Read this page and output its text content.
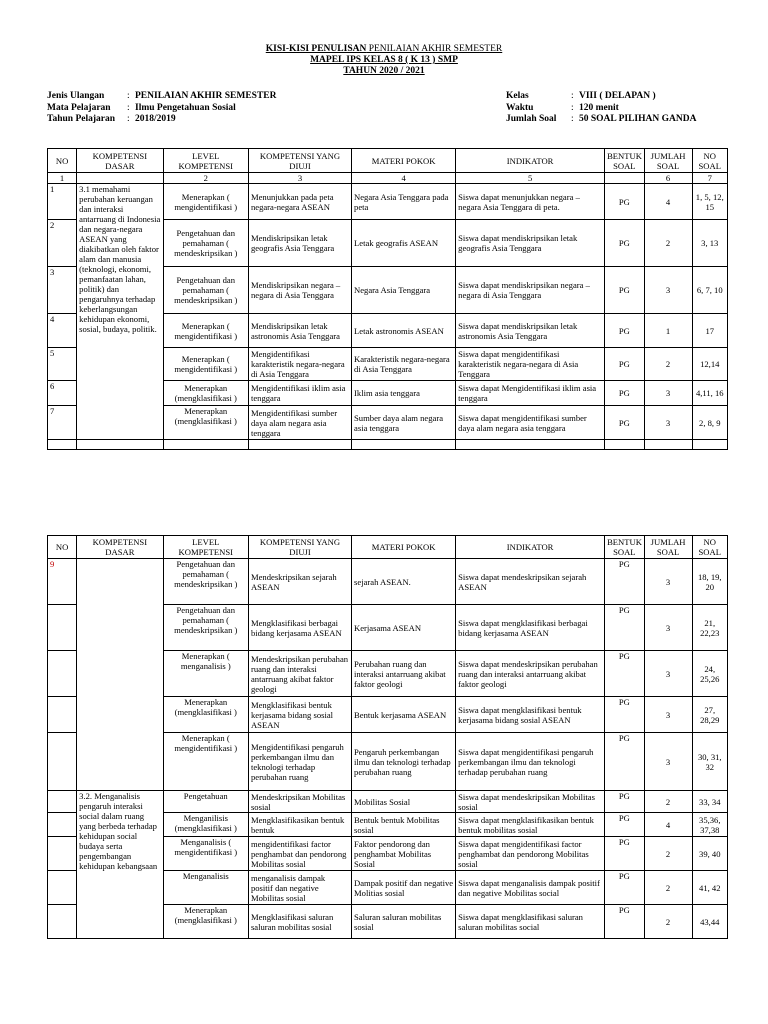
KISI-KISI PENULISAN PENILAIAN AKHIR SEMESTER
MAPEL IPS KELAS 8 ( K 13 ) SMP
TAHUN 2020 / 2021
Jenis Ulangan	: PENILAIAN AKHIR SEMESTER
Mata Pelajaran	: Ilmu Pengetahuan Sosial
Tahun Pelajaran	: 2018/2019
Kelas	: VIII ( DELAPAN )
Waktu	: 120 menit
Jumlah Soal	: 50 SOAL PILIHAN GANDA
NO	KOMPETENSI DASAR	LEVEL KOMPETENSI	KOMPETENSI YANG DIUJI	MATERI POKOK	INDIKATOR	BENTUK SOAL	JUMLAH SOAL	NO SOAL
1		2	3	4	5		6	7
1	3.1 memahami perubahan keruangan dan interaksi antarruang di Indonesia dan negara-negara ASEAN yang diakibatkan oleh faktor alam dan manusia (teknologi, ekonomi, pemanfaatan lahan, politik) dan pengaruhnya terhadap keberlangsungan kehidupan ekonomi, sosial, budaya, politik.	Menerapkan ( mengidentifikasi )	Menunjukkan pada peta negara-negara ASEAN	Negara Asia Tenggara pada peta	Siswa dapat menunjukkan negara –negara Asia Tenggara di peta.	PG	4	1, 5, 12, 15
2		Pengetahuan dan pemahaman ( mendeskripsikan )	Mendiskripsikan letak geografis Asia Tenggara	Letak geografis ASEAN	Siswa dapat mendiskripsikan letak geografis Asia Tenggara	PG	2	3, 13
3		Pengetahuan dan pemahaman ( mendeskripsikan )	Mendiskripsikan negara – negara di Asia Tenggara	Negara Asia Tenggara	Siswa dapat mendiskripsikan negara –negara di Asia Tenggara	PG	3	6, 7, 10
4		Menerapkan ( mengidentifikasi )	Mendiskripsikan letak astronomis Asia Tenggara	Letak astronomis ASEAN	Siswa dapat mendiskripsikan letak astronomis Asia Tenggara	PG	1	17
5		Menerapkan ( mengidentifikasi )	Mengidentifikasi karakteristik negara-negara di Asia Tenggara	Karakteristik negara-negara di Asia Tenggara	Siswa dapat mengidentifikasi karakteristik negara-negara di Asia Tenggara	PG	2	12,14
6		Menerapkan (mengklasifikasi )	Mengidentifikasi iklim asia tenggara	Iklim asia tenggara	Siswa dapat Mengidentifikasi iklim asia tenggara	PG	3	4,11, 16
7		Menerapkan (mengklasifikasi )	Mengidentifikasi sumber daya alam negara asia tenggara	Sumber daya alam negara asia tenggara	Siswa dapat mengidentifikasi sumber daya alam negara asia tenggara	PG	3	2, 8, 9

NO	KOMPETENSI DASAR	LEVEL KOMPETENSI	KOMPETENSI YANG DIUJI	MATERI POKOK	INDIKATOR	BENTUK SOAL	JUMLAH SOAL	NO SOAL
9		Pengetahuan dan pemahaman ( mendeskripsikan )	Mendeskripsikan sejarah ASEAN	sejarah ASEAN.	Siswa dapat mendeskripsikan sejarah ASEAN	PG	3	18, 19, 20
		Pengetahuan dan pemahaman ( mendeskripsikan )	Mengklasifikasi berbagai bidang kerjasama ASEAN	Kerjasama ASEAN	Siswa dapat mengklasifikasi berbagai bidang kerjasama ASEAN	PG	3	21, 22,23
		Menerapkan ( menganalisis )	Mendeskripsikan perubahan ruang dan interaksi antarruang akibat faktor geologi	Perubahan ruang dan interaksi antarruang akibat faktor geologi	Siswa dapat mendeskripsikan perubahan ruang dan interaksi antarruang akibat faktor geologi	PG	3	24, 25,26
		Menerapkan (mengklasifikasi )	Mengklasifikasi bentuk kerjasama bidang sosial ASEAN	Bentuk kerjasama ASEAN	Siswa dapat mengklasifikasi bentuk kerjasama bidang sosial ASEAN	PG	3	27, 28,29
		Menerapkan ( mengidentifikasi )	Mengidentifikasi pengaruh perkembangan ilmu dan teknologi terhadap perubahan ruang	Pengaruh perkembangan ilmu dan teknologi terhadap perubahan ruang	Siswa dapat mengidentifikasi pengaruh perkembangan ilmu dan teknologi terhadap perubahan ruang	PG	3	30, 31, 32
	3.2. Menganalisis pengaruh interaksi social dalam ruang yang berbeda terhadap kehidupan social budaya serta pengembangan kehidupan kebangsaan	Pengetahuan	Mendeskripsikan Mobilitas sosial	Mobilitas Sosial	Siswa dapat mendeskripsikan Mobilitas sosial	PG	2	33, 34
		Menganilisis (mengklasifikasi )	Mengklasifikasikan bentuk bentuk	Bentuk bentuk Mobilitas sosial	Siswa dapat mengklasifikasikan bentuk bentuk mobilitas sosial	PG	4	35,36, 37,38
		Menganalisis ( mengidentifikasi )	mengidentifikasi factor penghambat dan pendorong Mobilitas sosial	Faktor pendorong dan penghambat Mobilitas Sosial	Siswa dapat mengidentifikasi factor penghambat dan pendorong Mobilitas sosial	PG	2	39, 40
		Menganalisis	menganalisis dampak positif dan negative Mobilitas sosial	Dampak positif dan negative Molitias sosial	Siswa dapat menganalisis dampak positif dan negative Mobilitas social	PG	2	41, 42
		Menerapkan (mengklasifikasi )	Mengklasifikasi saluran saluran mobilitas sosial	Saluran saluran mobilitas sosial	Siswa dapat mengklasifikasi saluran saluran mobilitas social	PG	2	43,44
